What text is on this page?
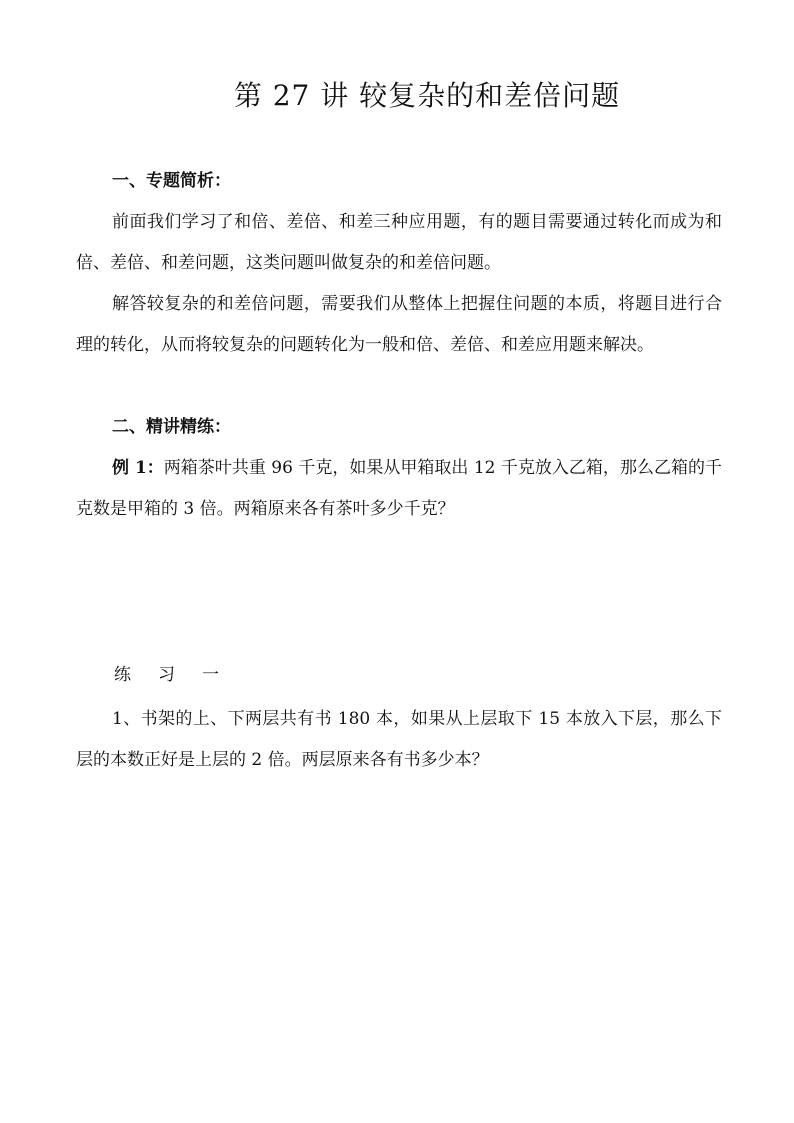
第 27 讲 较复杂的和差倍问题

一、专题简析：

前面我们学习了和倍、差倍、和差三种应用题，有的题目需要通过转化而成为和倍、差倍、和差问题，这类问题叫做复杂的和差倍问题。

解答较复杂的和差倍问题，需要我们从整体上把握住问题的本质，将题目进行合理的转化，从而将较复杂的问题转化为一般和倍、差倍、和差应用题来解决。

二、精讲精练：

例 1：两箱茶叶共重 96 千克，如果从甲箱取出 12 千克放入乙箱，那么乙箱的千克数是甲箱的 3 倍。两箱原来各有茶叶多少千克？

练 习 一

1、书架的上、下两层共有书 180 本，如果从上层取下 15 本放入下层，那么下层的本数正好是上层的 2 倍。两层原来各有书多少本？
